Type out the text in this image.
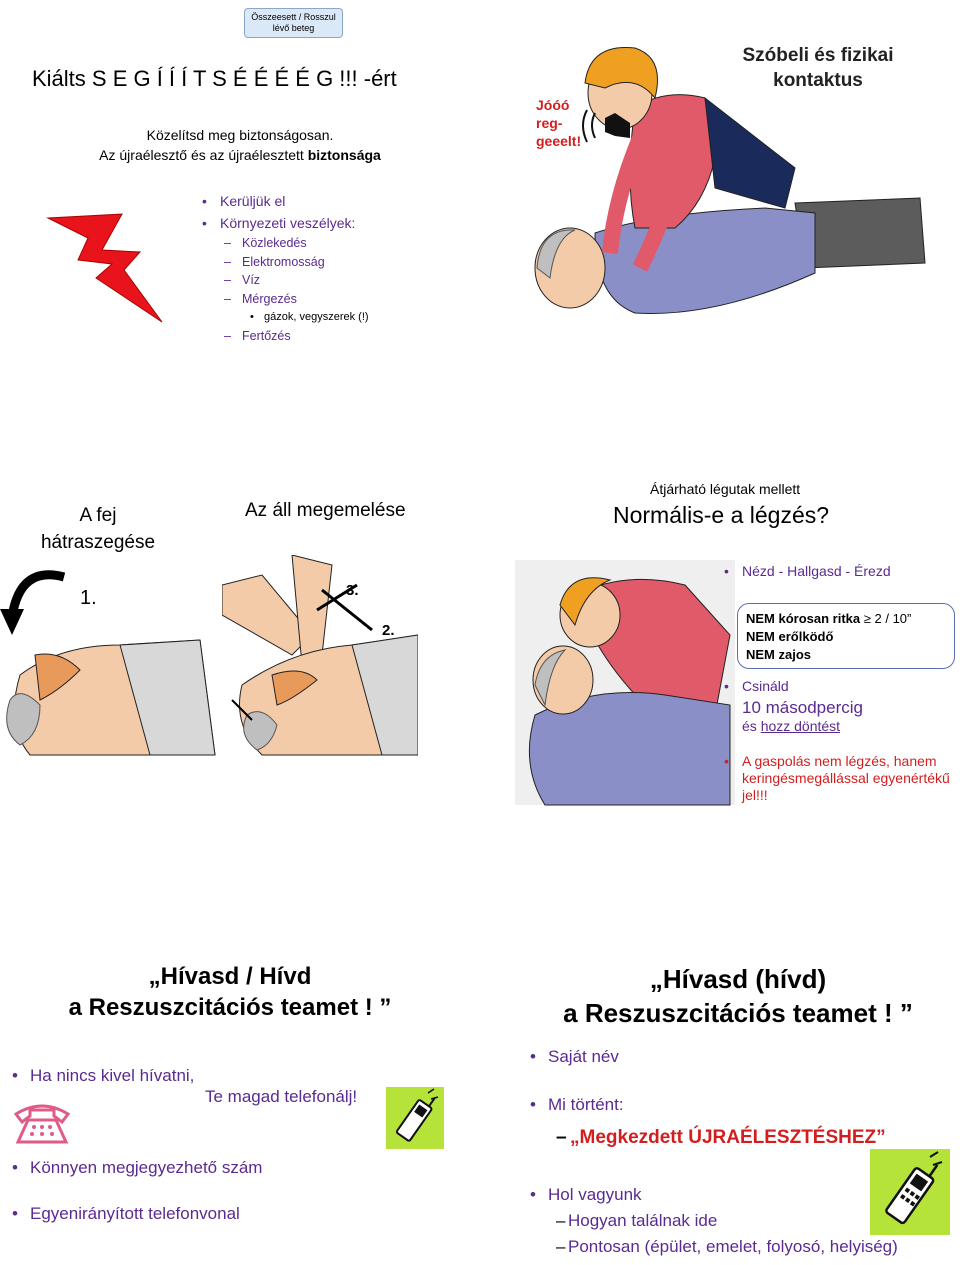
Összeesett / Rosszul lévő beteg
Kiálts S E G Í Í Í T S É É É É G !!! -ért
Közelítsd meg biztonságosan.
Az újraélesztő és az újraélesztett biztonsága
• Kerüljük el
• Környezeti veszélyek:
– Közlekedés
– Elektromosság
– Víz
– Mérgezés
• gázok, vegyszerek (!)
– Fertőzés
Jóóó reg- geeelt!
Szóbeli és fizikai kontaktus
A fej hátraszegése
Az áll megemelése
1.	3.
2.
Átjárható légutak mellett
Normális-e a légzés?
• Nézd - Hallgasd - Érezd
NEM kórosan ritka ≥ 2 / 10”
NEM erőlködő
NEM zajos
• Csináld
10 másodpercig
és hozz döntést
• A gaspolás nem légzés, hanem keringésmegállással egyenértékű jel!!!
„Hívasd / Hívd
a Reszuszcitációs teamet ! ”
• Ha nincs kivel hívatni,
Te magad telefonálj!
• Könnyen megjegyezhető szám
• Egyenirányított telefonvonal
„Hívasd (hívd)
a Reszuszcitációs teamet ! ”
• Saját név
• Mi történt:
– „Megkezdett ÚJRAÉLESZTÉSHEZ”
• Hol vagyunk
– Hogyan találnak ide
– Pontosan (épület, emelet, folyosó, helyiség)
